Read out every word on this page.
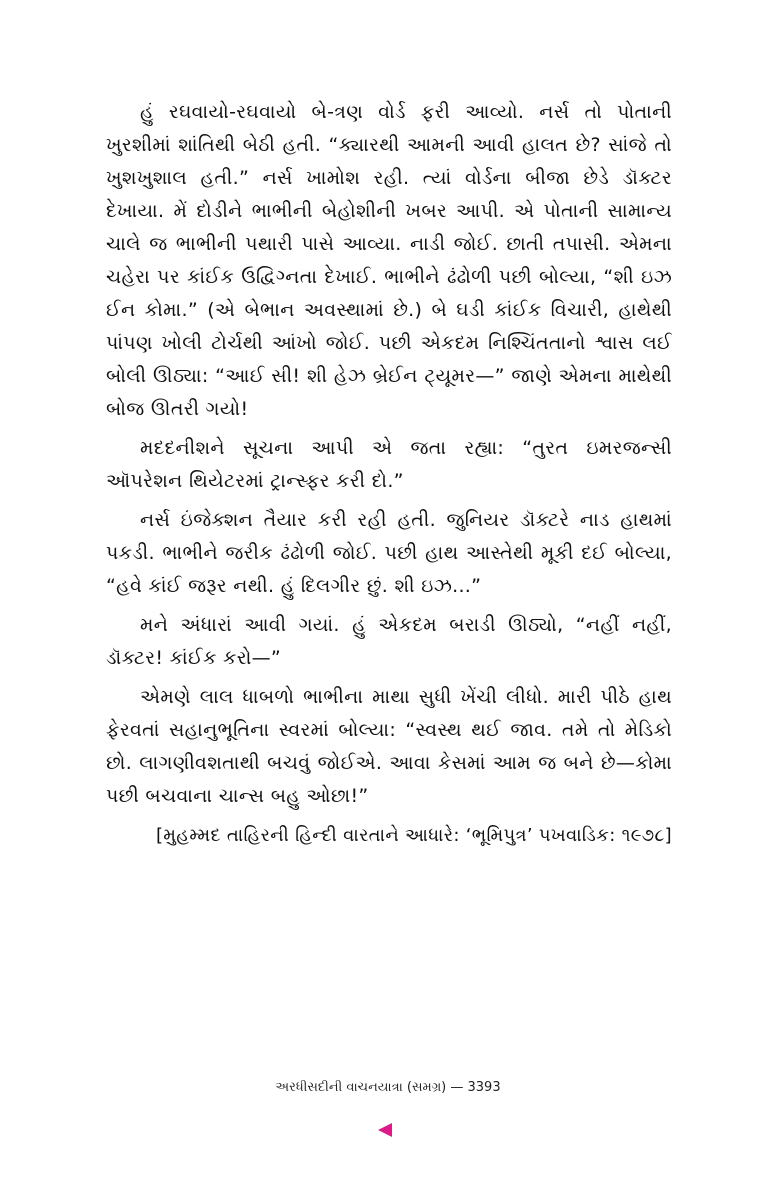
હું રઘવાયો-રઘવાયો બે-ત્રણ વોર્ડ ફરી આવ્યો. નર્સ તો પોતાની ખુરશીમાં શાંતિથી બેઠી હતી. “ક્યારથી આમની આવી હાલત છે? સાંજે તો ખુશખુશાલ હતી.” નર્સ ખામોશ રહી. ત્યાં વોર્ડના બીજા છેડે ડૉક્ટર દેખાયા. મેં દોડીને ભાભીની બેહોશીની ખબર આપી. એ પોતાની સામાન્ય ચાલે જ ભાભીની પથારી પાસે આવ્યા. નાડી જોઈ. છાતી તપાસી. એમના ચહેરા પર કાંઈક ઉદ્વિગ્નતા દેખાઈ. ભાભીને ઢંઢોળી પછી બોલ્યા, “શી ઇઝ ઈન કોમા.” (એ બેભાન અવસ્થામાં છે.) બે ઘડી કાંઈક વિચારી, હાથેથી પાંપણ ખોલી ટોર્ચથી આંખો જોઈ. પછી એકદમ નિશ્ચિંતતાનો શ્વાસ લઈ બોલી ઊઠ્યા: “આઈ સી! શી હેઝ બ્રેઈન ટ્યૂમર—” જાણે એમના માથેથી બોજ ઊતરી ગયો!

મદદનીશને સૂચના આપી એ જતા રહ્યા: “તુરત ઇમરજન્સી ઑપરેશન થિયેટરમાં ટ્રાન્સ્ફર કરી દો.”

નર્સ ઇંજેક્શન તૈયાર કરી રહી હતી. જુનિયર ડૉક્ટરે નાડ હાથમાં પકડી. ભાભીને જરીક ઢંઢોળી જોઈ. પછી હાથ આસ્તેથી મૂકી દઈ બોલ્યા, “હવે કાંઈ જરૂર નથી. હું દિલગીર છું. શી ઇઝ...”

મને અંધારાં આવી ગયાં. હું એકદમ બરાડી ઊઠ્યો, “નહીં નહીં, ડૉક્ટર! કાંઈક કરો—”

એમણે લાલ ધાબળો ભાભીના માથા સુધી ખેંચી લીધો. મારી પીઠે હાથ ફેરવતાં સહાનુભૂતિના સ્વરમાં બોલ્યા: “સ્વસ્થ થઈ જાવ. તમે તો મેડિકો છો. લાગણીવશતાથી બચવું જોઈએ. આવા કેસમાં આમ જ બને છે—કોમા પછી બચવાના ચાન્સ બહુ ઓછા!”

[મુહમ્મદ તાહિરની હિન્દી વારતાને આધારે: ‘ભૂમિપુત્ર’ પખવાડિક: ૧૯૭૮]

અરધીસદીની વાચનયાત્રા (સમગ્ર) — 3393
